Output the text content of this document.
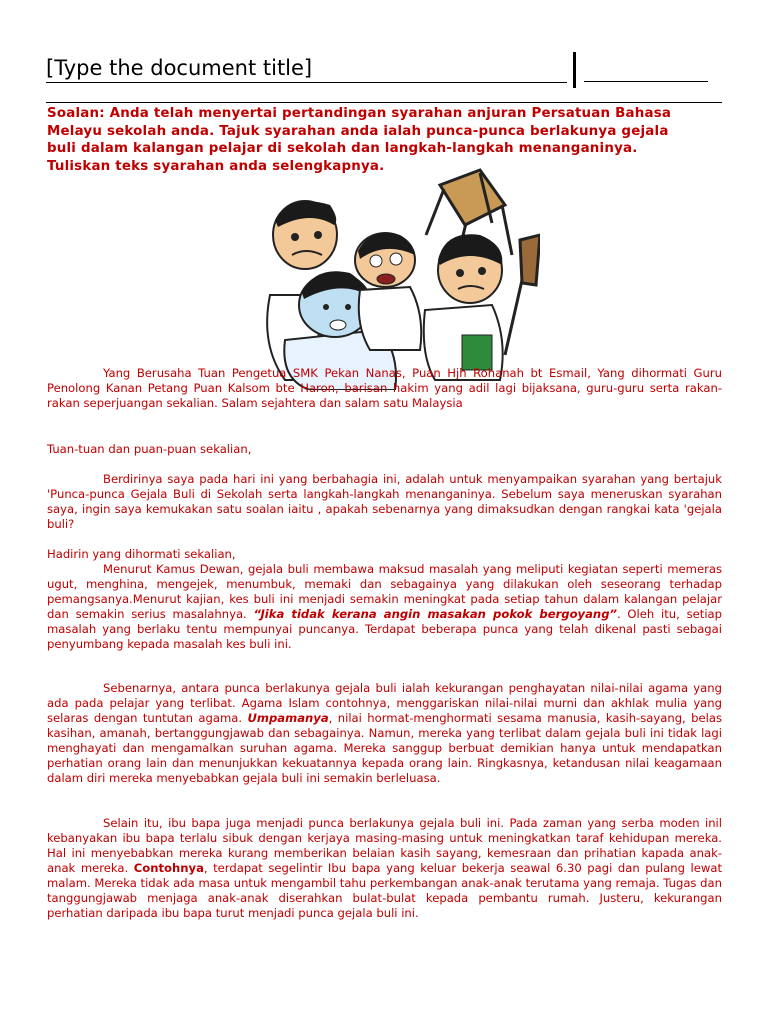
[Type the document title]
Soalan: Anda telah menyertai pertandingan syarahan anjuran Persatuan Bahasa Melayu sekolah anda. Tajuk syarahan anda ialah punca-punca berlakunya gejala buli dalam kalangan pelajar di sekolah dan langkah-langkah menanganinya. Tuliskan teks syarahan anda selengkapnya.
Yang Berusaha Tuan Pengetua SMK Pekan Nanas, Puan Hjh Rohanah bt Esmail, Yang dihormati Guru Penolong Kanan Petang Puan Kalsom bte Haron, barisan hakim yang adil lagi bijaksana, guru-guru serta rakan-rakan seperjuangan sekalian. Salam sejahtera dan salam satu Malaysia
Tuan-tuan dan puan-puan sekalian,
Berdirinya saya pada hari ini yang berbahagia ini, adalah untuk menyampaikan syarahan yang bertajuk 'Punca-punca Gejala Buli di Sekolah serta langkah-langkah menanganinya. Sebelum saya meneruskan syarahan saya, ingin saya kemukakan satu soalan iaitu , apakah sebenarnya yang dimaksudkan dengan rangkai kata 'gejala buli?
Hadirin yang dihormati sekalian,
Menurut Kamus Dewan, gejala buli membawa maksud masalah yang meliputi kegiatan seperti memeras ugut, menghina, mengejek, menumbuk, memaki dan sebagainya yang dilakukan oleh seseorang terhadap pemangsanya.Menurut kajian, kes buli ini menjadi semakin meningkat pada setiap tahun dalam kalangan pelajar dan semakin serius masalahnya. “Jika tidak kerana angin masakan pokok bergoyang”. Oleh itu, setiap masalah yang berlaku tentu mempunyai puncanya. Terdapat beberapa punca yang telah dikenal pasti sebagai penyumbang kepada masalah kes buli ini.
Sebenarnya, antara punca berlakunya gejala buli ialah kekurangan penghayatan nilai-nilai agama yang ada pada pelajar yang terlibat. Agama Islam contohnya, menggariskan nilai-nilai murni dan akhlak mulia yang selaras dengan tuntutan agama. Umpamanya, nilai hormat-menghormati sesama manusia, kasih-sayang, belas kasihan, amanah, bertanggungjawab dan sebagainya. Namun, mereka yang terlibat dalam gejala buli ini tidak lagi menghayati dan mengamalkan suruhan agama. Mereka sanggup berbuat demikian hanya untuk mendapatkan perhatian orang lain dan menunjukkan kekuatannya kepada orang lain. Ringkasnya, ketandusan nilai keagamaan dalam diri mereka menyebabkan gejala buli ini semakin berleluasa.
Selain itu, ibu bapa juga menjadi punca berlakunya gejala buli ini. Pada zaman yang serba moden inil kebanyakan ibu bapa terlalu sibuk dengan kerjaya masing-masing untuk meningkatkan taraf kehidupan mereka. Hal ini menyebabkan mereka kurang memberikan belaian kasih sayang, kemesraan dan prihatian kapada anak-anak mereka. Contohnya, terdapat segelintir Ibu bapa yang keluar bekerja seawal 6.30 pagi dan pulang lewat malam. Mereka tidak ada masa untuk mengambil tahu perkembangan anak-anak terutama yang remaja. Tugas dan tanggungjawab menjaga anak-anak diserahkan bulat-bulat kepada pembantu rumah. Justeru, kekurangan perhatian daripada ibu bapa turut menjadi punca gejala buli ini.
